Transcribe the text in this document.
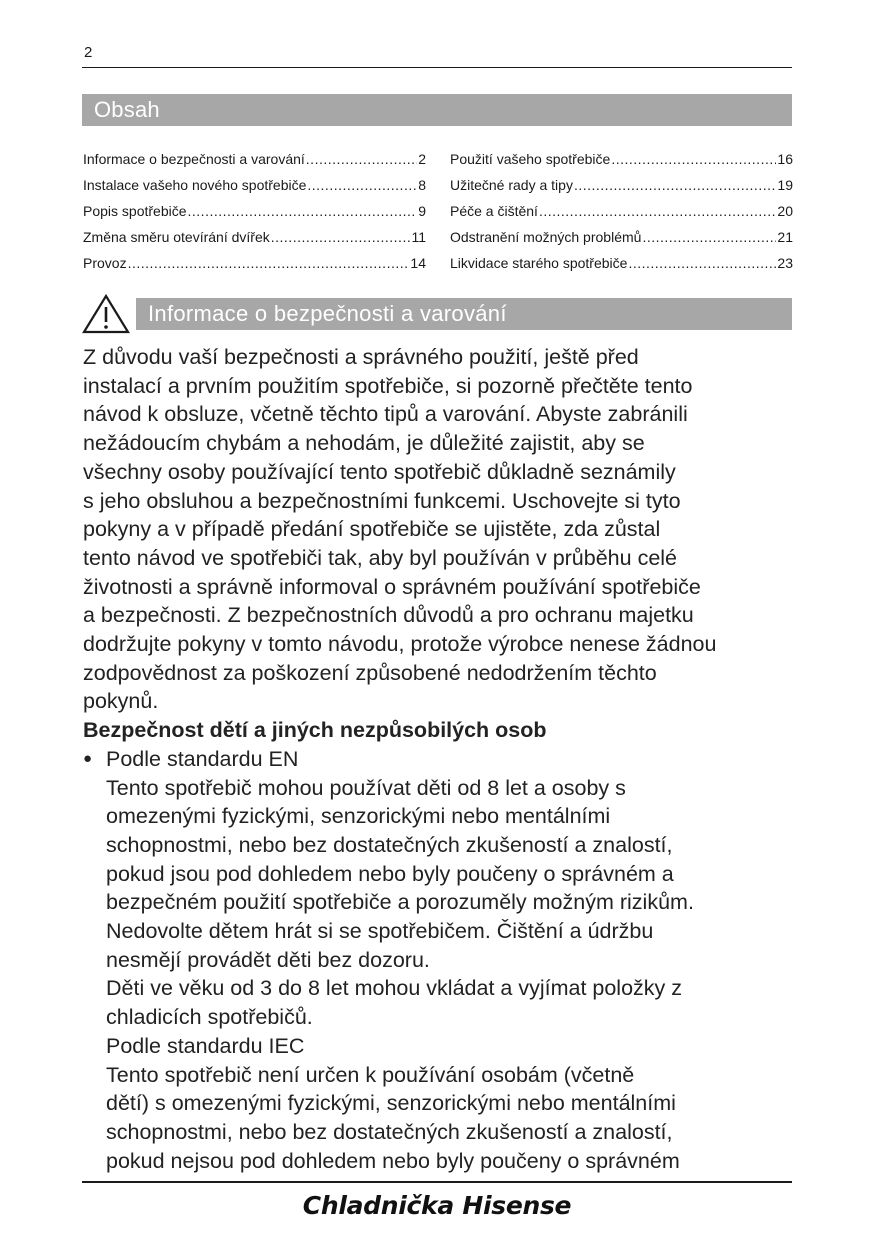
2
Obsah
Informace o bezpečnosti a varování .....	2
Instalace vašeho nového spotřebiče .....	8
Popis spotřebiče .....	9
Změna směru otevírání dvířek .....	11
Provoz .....	14
Použití vašeho spotřebiče .....	16
Užitečné rady a tipy .....	19
Péče a čištění .....	20
Odstranění možných problémů .....	21
Likvidace starého spotřebiče .....	23
Informace o bezpečnosti a varování
Z důvodu vaší bezpečnosti a správného použití, ještě před
instalací a prvním použitím spotřebiče, si pozorně přečtěte tento
návod k obsluze, včetně těchto tipů a varování. Abyste zabránili
nežádoucím chybám a nehodám, je důležité zajistit, aby se
všechny osoby používající tento spotřebič důkladně seznámily
s jeho obsluhou a bezpečnostními funkcemi. Uschovejte si tyto
pokyny a v případě předání spotřebiče se ujistěte, zda zůstal
tento návod ve spotřebiči tak, aby byl používán v průběhu celé
životnosti a správně informoval o správném používání spotřebiče
a bezpečnosti. Z bezpečnostních důvodů a pro ochranu majetku
dodržujte pokyny v tomto návodu, protože výrobce nenese žádnou
zodpovědnost za poškození způsobené nedodržením těchto
pokynů.
Bezpečnost dětí a jiných nezpůsobilých osob
● Podle standardu EN
Tento spotřebič mohou používat děti od 8 let a osoby s
omezenými fyzickými, senzorickými nebo mentálními
schopnostmi, nebo bez dostatečných zkušeností a znalostí,
pokud jsou pod dohledem nebo byly poučeny o správném a
bezpečném použití spotřebiče a porozuměly možným rizikům.
Nedovolte dětem hrát si se spotřebičem. Čištění a údržbu
nesmějí provádět děti bez dozoru.
Děti ve věku od 3 do 8 let mohou vkládat a vyjímat položky z
chladicích spotřebičů.
Podle standardu IEC
Tento spotřebič není určen k používání osobám (včetně
dětí) s omezenými fyzickými, senzorickými nebo mentálními
schopnostmi, nebo bez dostatečných zkušeností a znalostí,
pokud nejsou pod dohledem nebo byly poučeny o správném
Chladnička Hisense
